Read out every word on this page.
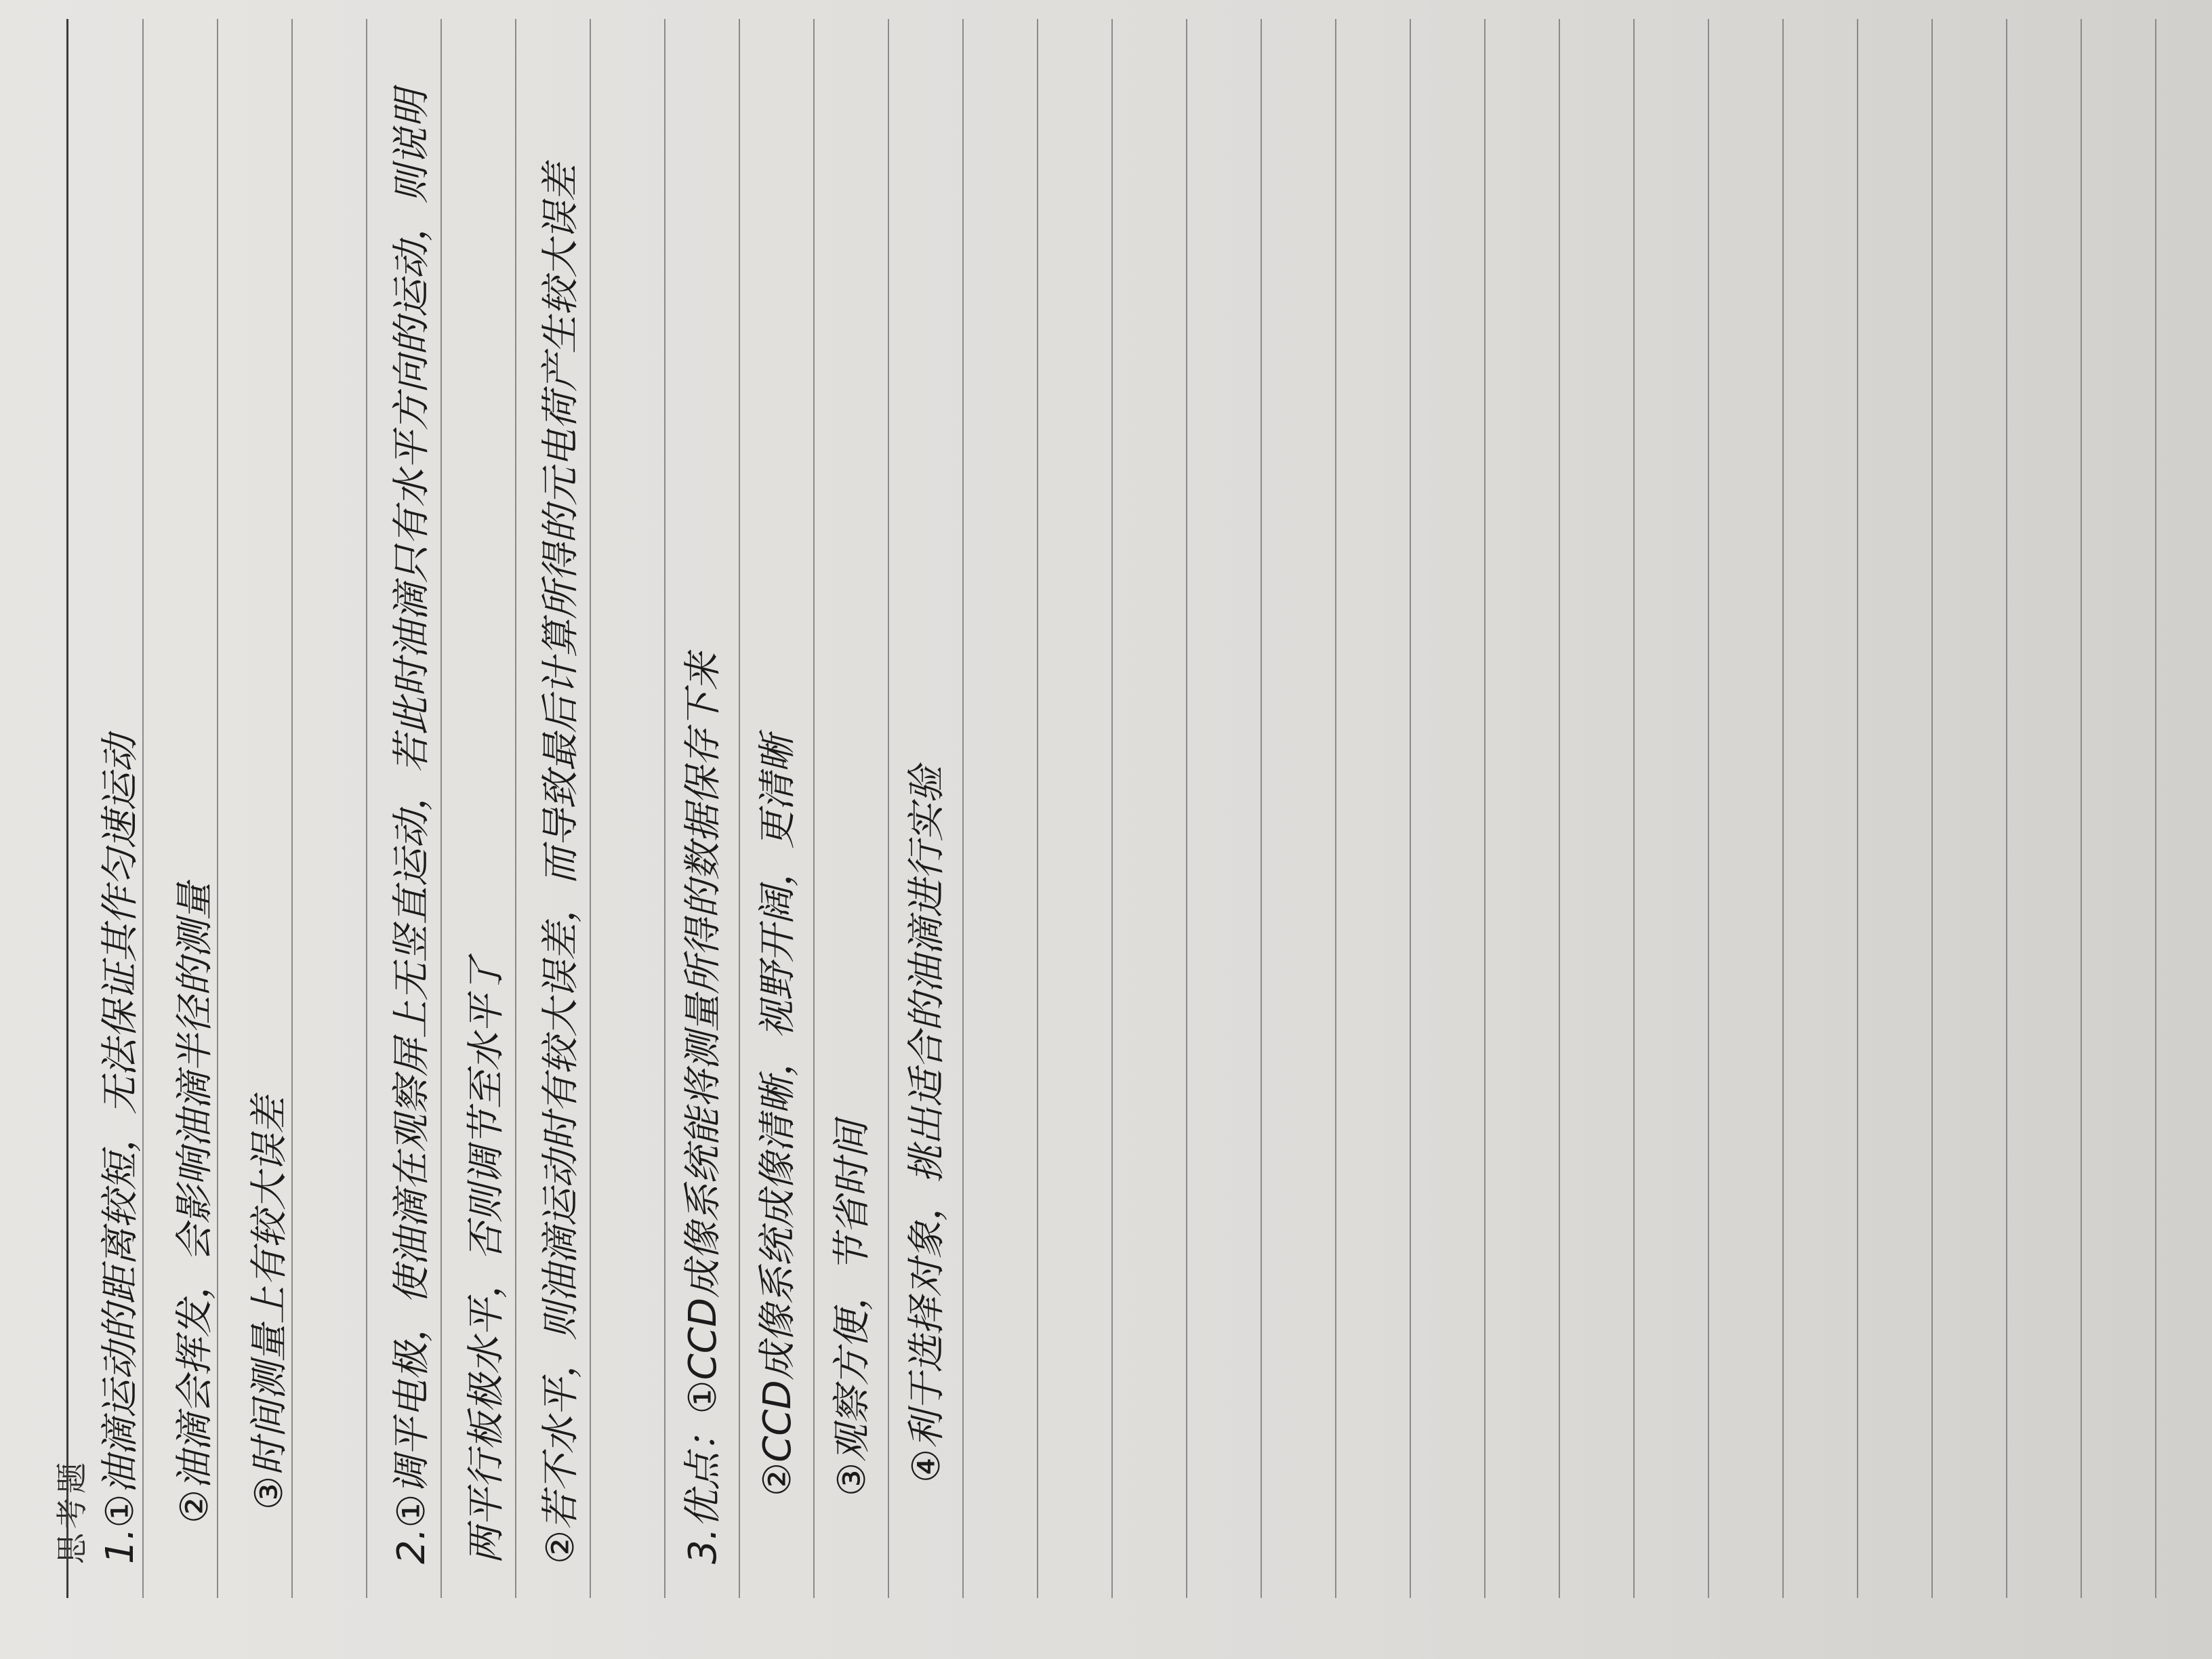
思考题 1.①油滴运动的距离较短，无法保证其作匀速运动 ②油滴会挥发，会影响油滴半径的测量 ③时间测量上有较大误差	2.①调平电极，使油滴在观察屏上无竖直运动，若此时油滴只有水平方向的运动，则说明 两平行板极水平，否则调节至水平了 ②若不水平，则油滴运动时有较大误差，而导致最后计算所得的元电荷产生较大误差	3.优点：①CCD成像系统能将测量所得的数据保存下来 ②CCD成像系统成像清晰，视野开阔，更清晰 ③观察方便，节省时间 ④利于选择对象，挑出适合的油滴进行实验
